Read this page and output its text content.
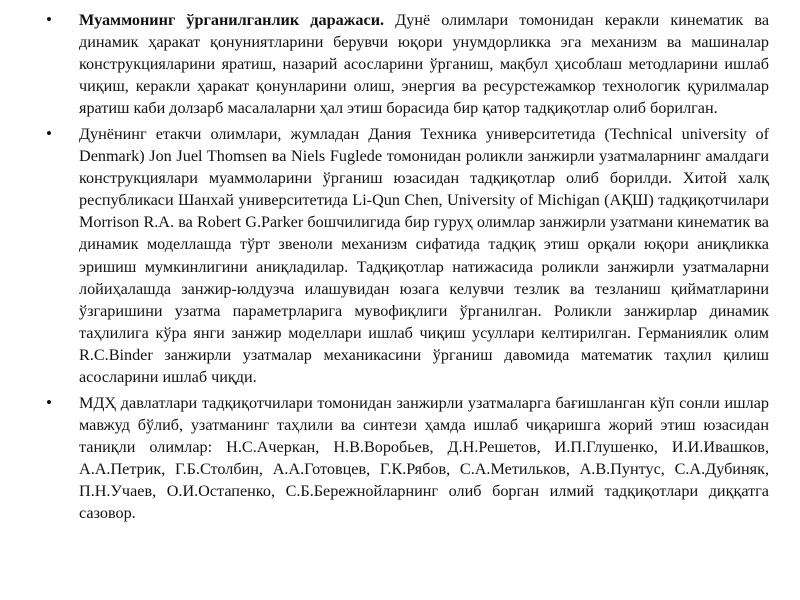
• Муаммонинг ўрганилганлик даражаси. Дунё олимлари томонидан керакли кинематик ва динамик ҳаракат қонуниятларини берувчи юқори унумдорликка эга механизм ва машиналар конструкцияларини яратиш, назарий асосларини ўрганиш, мақбул ҳисоблаш методларини ишлаб чиқиш, керакли ҳаракат қонунларини олиш, энергия ва ресурстежамкор технологик қурилмалар яратиш каби долзарб масалаларни ҳал этиш борасида бир қатор тадқиқотлар олиб борилган.

• Дунёнинг етакчи олимлари, жумладан Дания Техника университетида (Technical university of Denmark) Jon Juel Thomsen ва Niels Fuglede томонидан роликли занжирли узатмаларнинг амалдаги конструкциялари муаммоларини ўрганиш юзасидан тадқиқотлар олиб борилди. Хитой халқ республикаси Шанхай университетида Li-Qun Chen, University of Michigan (АҚШ) тадқиқотчилари Morrison R.A. ва Robert G.Parker бошчилигида бир гуруҳ олимлар занжирли узатмани кинематик ва динамик моделлашда тўрт звеноли механизм сифатида тадқиқ этиш орқали юқори аниқликка эришиш мумкинлигини аниқладилар. Тадқиқотлар натижасида роликли занжирли узатмаларни лойиҳалашда занжир-юлдузча илашувидан юзага келувчи тезлик ва тезланиш қийматларини ўзгаришини узатма параметрларига мувофиқлиги ўрганилган. Роликли занжирлар динамик таҳлилига кўра янги занжир моделлари ишлаб чиқиш усуллари келтирилган. Германиялик олим R.C.Binder занжирли узатмалар механикасини ўрганиш давомида математик таҳлил қилиш асосларини ишлаб чиқди.

• МДҲ давлатлари тадқиқотчилари томонидан занжирли узатмаларга бағишланган кўп сонли ишлар мавжуд бўлиб, узатманинг таҳлили ва синтези ҳамда ишлаб чиқаришга жорий этиш юзасидан таниқли олимлар: Н.С.Ачеркан, Н.В.Воробьев, Д.Н.Решетов, И.П.Глушенко, И.И.Ивашков, А.А.Петрик, Г.Б.Столбин, А.А.Готовцев, Г.К.Рябов, С.А.Метильков, А.В.Пунтус, С.А.Дубиняк, П.Н.Учаев, О.И.Остапенко, С.Б.Бережнойларнинг олиб борган илмий тадқиқотлари диққатга сазовор.
